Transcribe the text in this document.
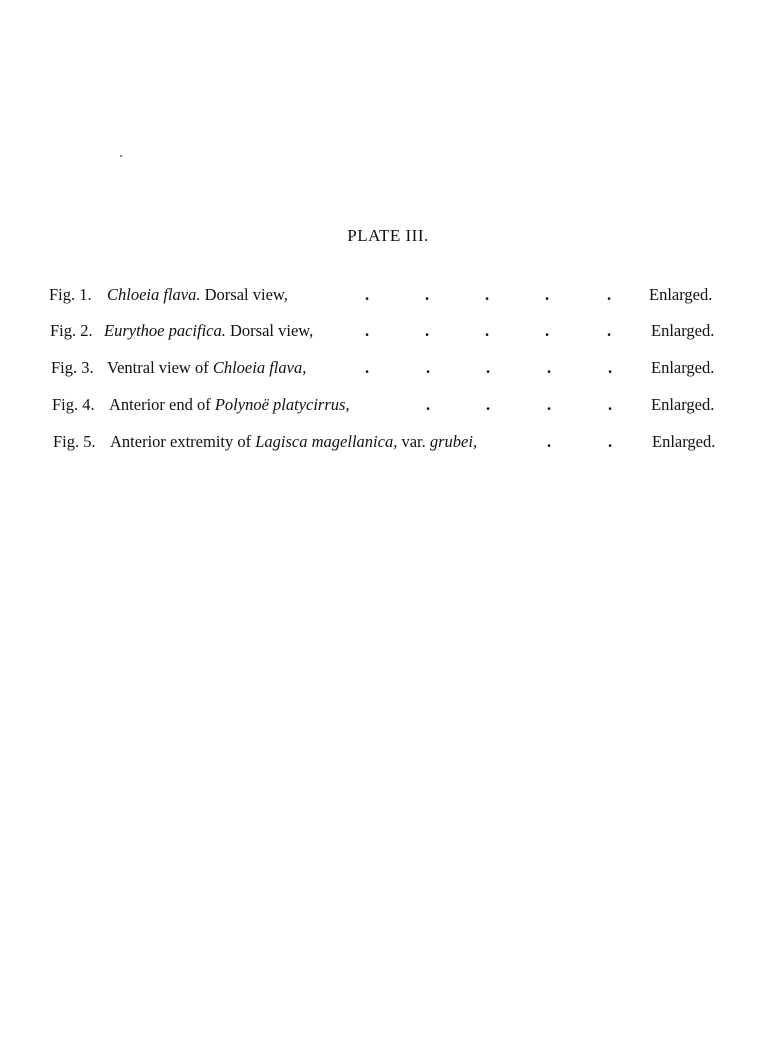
PLATE III.
Fig. 1. Chloeia flava. Dorsal view,	.	.	.	.	. Enlarged.
Fig. 2. Eurythoe pacifica. Dorsal view,	.	.	.	.	. Enlarged.
Fig. 3. Ventral view of Chloeia flava,	.	.	.	.	. Enlarged.
Fig. 4. Anterior end of Polynoë platycirrus,	.	.	.	. Enlarged.
Fig. 5. Anterior extremity of Lagisca magellanica, var. grubei,	.	. Enlarged.
